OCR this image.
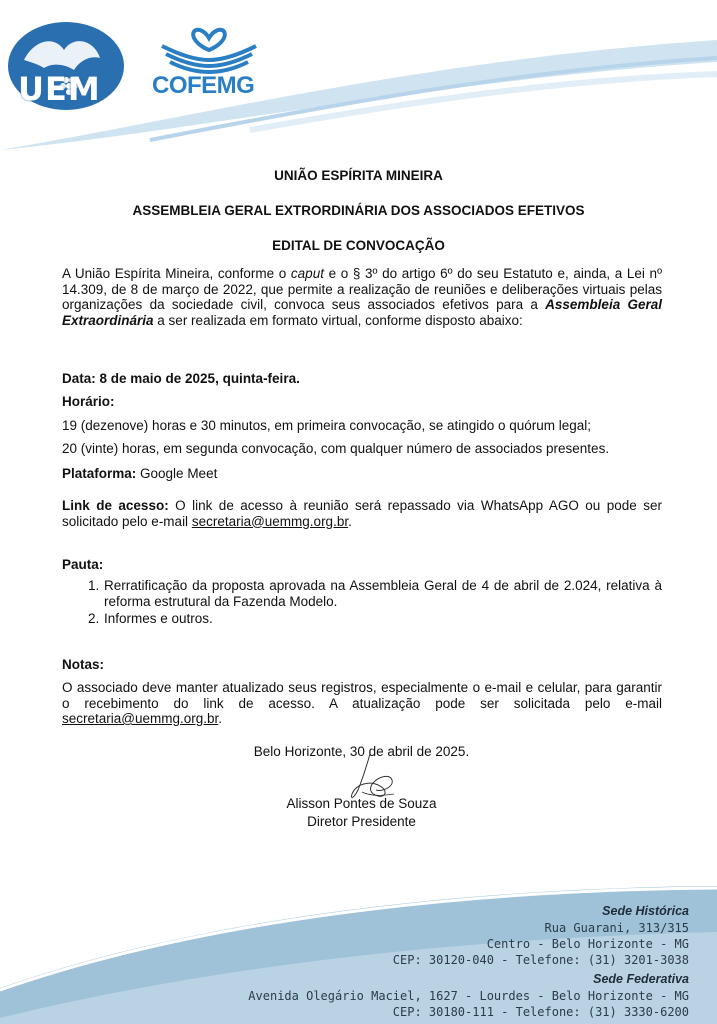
UEM COFEMG
UNIÃO ESPÍRITA MINEIRA
ASSEMBLEIA GERAL EXTRORDINÁRIA DOS ASSOCIADOS EFETIVOS
EDITAL DE CONVOCAÇÃO
A União Espírita Mineira, conforme o caput e o § 3º do artigo 6º do seu Estatuto e, ainda, a Lei nº 14.309, de 8 de março de 2022, que permite a realização de reuniões e deliberações virtuais pelas organizações da sociedade civil, convoca seus associados efetivos para a Assembleia Geral Extraordinária a ser realizada em formato virtual, conforme disposto abaixo:
Data: 8 de maio de 2025, quinta-feira.
Horário:
19 (dezenove) horas e 30 minutos, em primeira convocação, se atingido o quórum legal;
20 (vinte) horas, em segunda convocação, com qualquer número de associados presentes.
Plataforma: Google Meet
Link de acesso: O link de acesso à reunião será repassado via WhatsApp AGO ou pode ser solicitado pelo e-mail secretaria@uemmg.org.br.
Pauta:
1. Rerratificação da proposta aprovada na Assembleia Geral de 4 de abril de 2.024, relativa à reforma estrutural da Fazenda Modelo.
2. Informes e outros.
Notas:
O associado deve manter atualizado seus registros, especialmente o e-mail e celular, para garantir o recebimento do link de acesso. A atualização pode ser solicitada pelo e-mail secretaria@uemmg.org.br.
Belo Horizonte, 30 de abril de 2025.
Alisson Pontes de Souza
Diretor Presidente
Sede Histórica
Rua Guarani, 313/315
Centro - Belo Horizonte - MG
CEP: 30120-040 - Telefone: (31) 3201-3038
Sede Federativa
Avenida Olegário Maciel, 1627 - Lourdes - Belo Horizonte - MG
CEP: 30180-111 - Telefone: (31) 3330-6200
